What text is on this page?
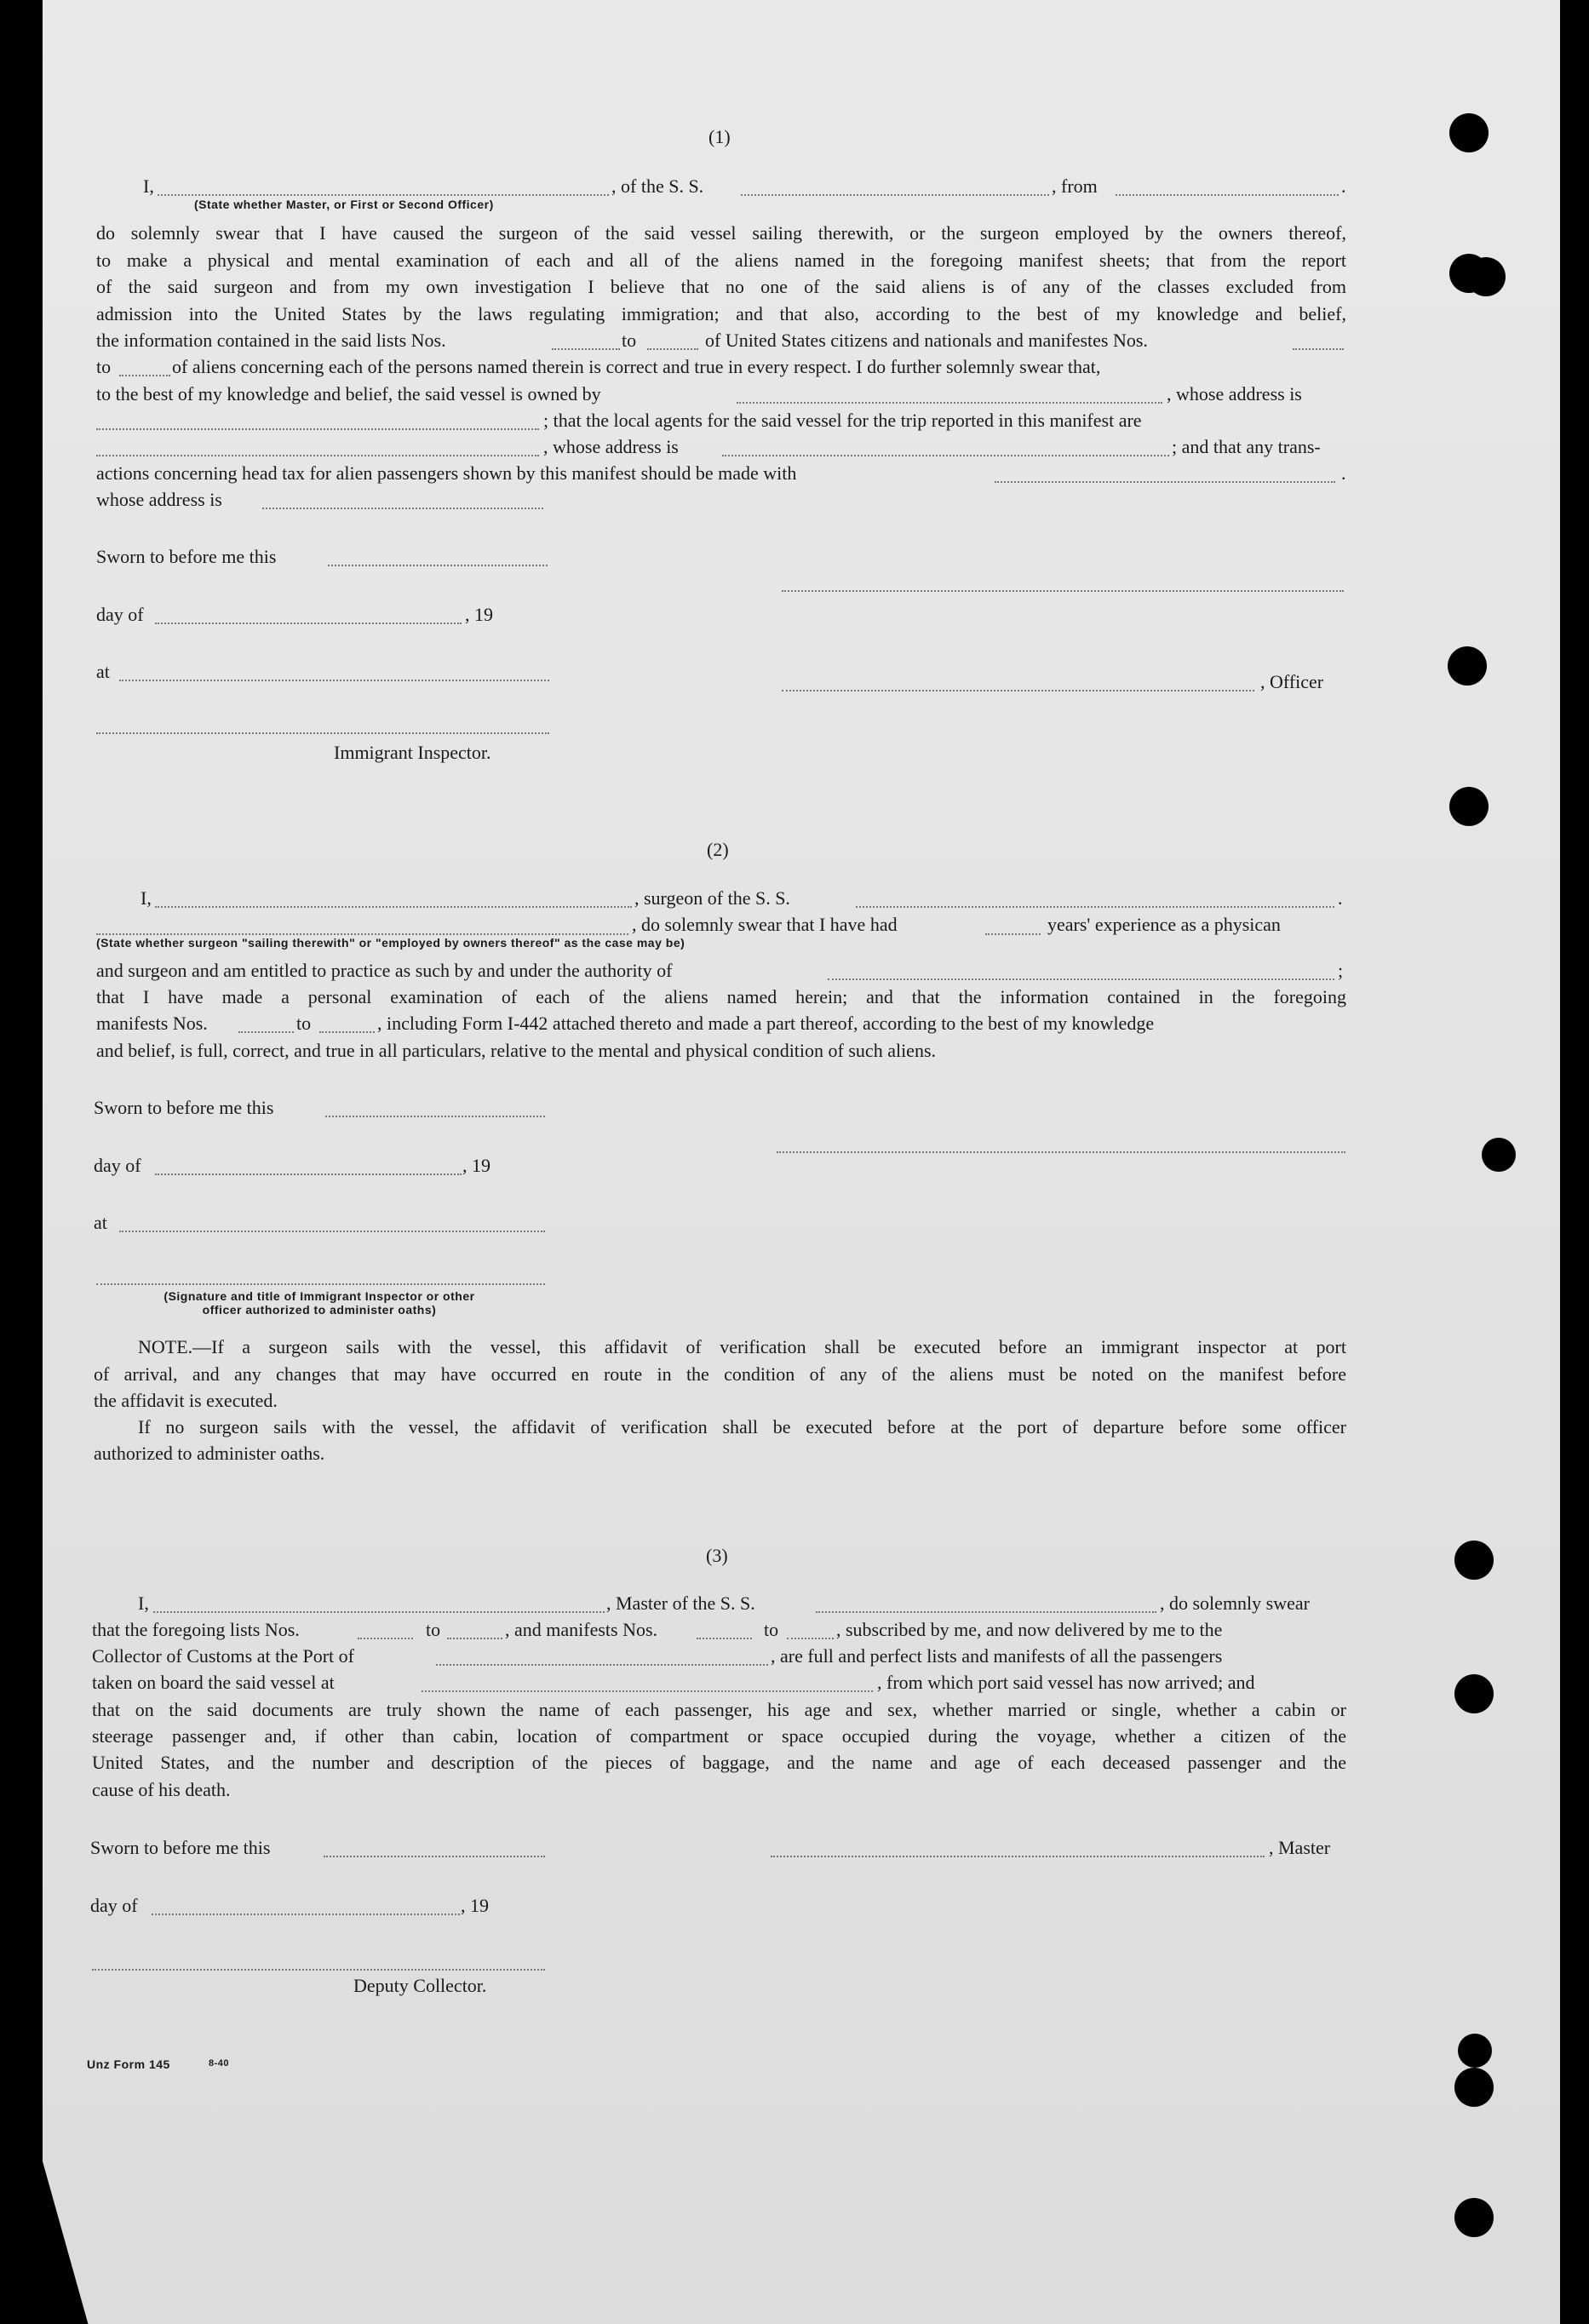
(1)
I,	, of the S. S.	, from	.
(State whether Master, or First or Second Officer)
do solemnly swear that I have caused the surgeon of the said vessel sailing therewith, or the surgeon employed by the owners thereof,
to make a physical and mental examination of each and all of the aliens named in the foregoing manifest sheets; that from the report
of the said surgeon and from my own investigation I believe that no one of the said aliens is of any of the classes excluded from
admission into the United States by the laws regulating immigration; and that also, according to the best of my knowledge and belief,
the information contained in the said lists Nos.	to	of United States citizens and nationals and manifestes Nos.
to	of aliens concerning each of the persons named therein is correct and true in every respect. I do further solemnly swear that,
to the best of my knowledge and belief, the said vessel is owned by	, whose address is
; that the local agents for the said vessel for the trip reported in this manifest are
, whose address is	; and that any trans-
actions concerning head tax for alien passengers shown by this manifest should be made with	.
whose address is
Sworn to before me this
day of	, 19
at	, Officer
Immigrant Inspector.
(2)
I,	, surgeon of the S. S.	.
, do solemnly swear that I have had	years' experience as a physican
(State whether surgeon "sailing therewith" or "employed by owners thereof" as the case may be)
and surgeon and am entitled to practice as such by and under the authority of	;
that I have made a personal examination of each of the aliens named herein; and that the information contained in the foregoing
manifests Nos.	to	, including Form I-442 attached thereto and made a part thereof, according to the best of my knowledge
and belief, is full, correct, and true in all particulars, relative to the mental and physical condition of such aliens.
Sworn to before me this
day of	, 19
at
(Signature and title of Immigrant Inspector or other
officer authorized to administer oaths)
NOTE.—If a surgeon sails with the vessel, this affidavit of verification shall be executed before an immigrant inspector at port
of arrival, and any changes that may have occurred en route in the condition of any of the aliens must be noted on the manifest before
the affidavit is executed.
If no surgeon sails with the vessel, the affidavit of verification shall be executed before at the port of departure before some officer
authorized to administer oaths.
(3)
I,	, Master of the S. S.	, do solemnly swear
that the foregoing lists Nos.	to	, and manifests Nos.	to	, subscribed by me, and now delivered by me to the
Collector of Customs at the Port of	, are full and perfect lists and manifests of all the passengers
taken on board the said vessel at	, from which port said vessel has now arrived; and
that on the said documents are truly shown the name of each passenger, his age and sex, whether married or single, whether a cabin or
steerage passenger and, if other than cabin, location of compartment or space occupied during the voyage, whether a citizen of the
United States, and the number and description of the pieces of baggage, and the name and age of each deceased passenger and the
cause of his death.
Sworn to before me this	, Master
day of	, 19
Deputy Collector.
Unz Form 145	8-40
